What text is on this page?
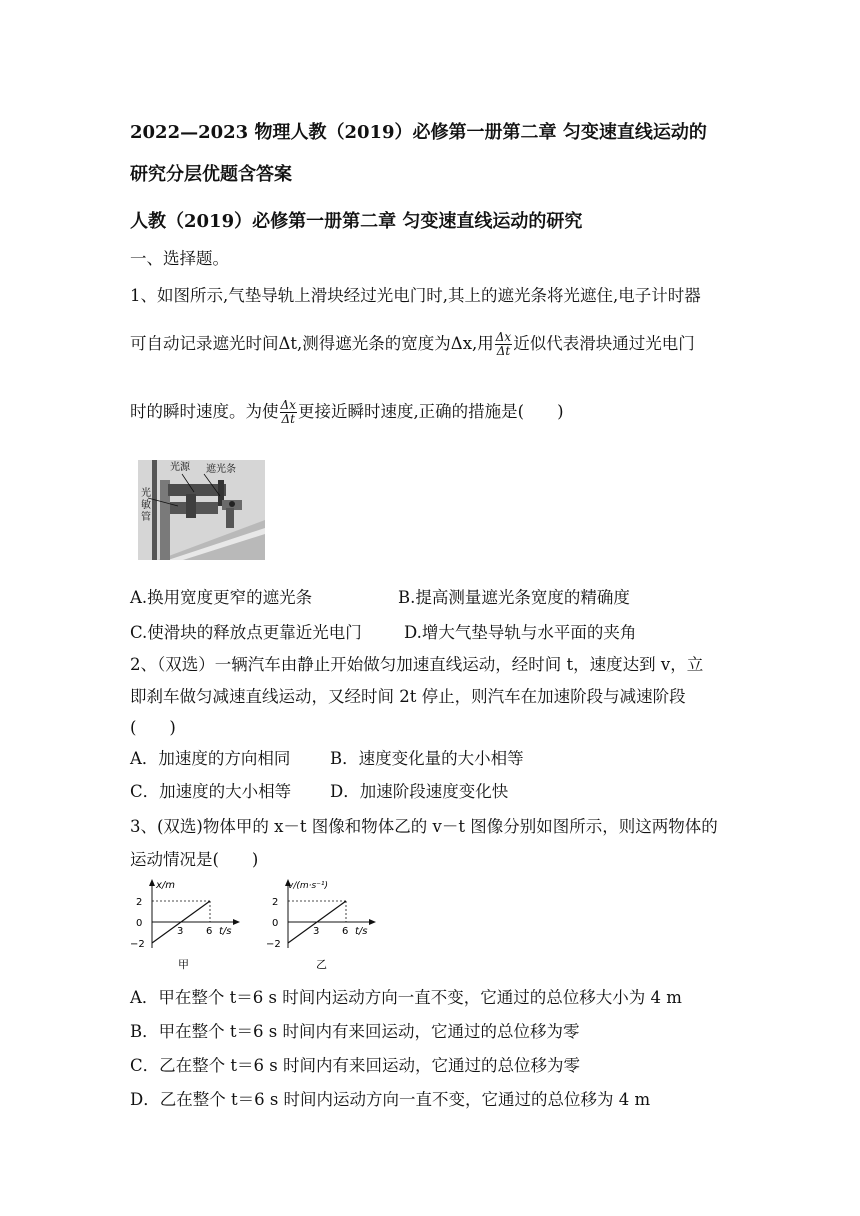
2022—2023 物理人教（2019）必修第一册第二章 匀变速直线运动的
研究分层优题含答案
人教（2019）必修第一册第二章 匀变速直线运动的研究
一、选择题。
1、如图所示,气垫导轨上滑块经过光电门时,其上的遮光条将光遮住,电子计时器
可自动记录遮光时间Δt,测得遮光条的宽度为Δx,用 $\frac{\Delta x}{\Delta t}$ 近似代表滑块通过光电门
时的瞬时速度。为使 $\frac{\Delta x}{\Delta t}$ 更接近瞬时速度,正确的措施是(　　)
光源 遮光条
光
敏
管
A.换用宽度更窄的遮光条	B.提高测量遮光条宽度的精确度
C.使滑块的释放点更靠近光电门	D.增大气垫导轨与水平面的夹角
2、（双选）一辆汽车由静止开始做匀加速直线运动，经时间 t，速度达到 v，立
即刹车做匀减速直线运动，又经时间 2t 停止，则汽车在加速阶段与减速阶段
(　　)
A．加速度的方向相同 B．速度变化量的大小相等
C．加速度的大小相等 D．加速阶段速度变化快
3、(双选)物体甲的 x－t 图像和物体乙的 v－t 图像分别如图所示，则这两物体的
运动情况是(　　)
x/m
2
0
−2
3 6 t/s
甲
v/(m·s⁻¹)
2
0
−2
3 6 t/s
乙
A．甲在整个 t＝6 s 时间内运动方向一直不变，它通过的总位移大小为 4 m
B．甲在整个 t＝6 s 时间内有来回运动，它通过的总位移为零
C．乙在整个 t＝6 s 时间内有来回运动，它通过的总位移为零
D．乙在整个 t＝6 s 时间内运动方向一直不变，它通过的总位移为 4 m
